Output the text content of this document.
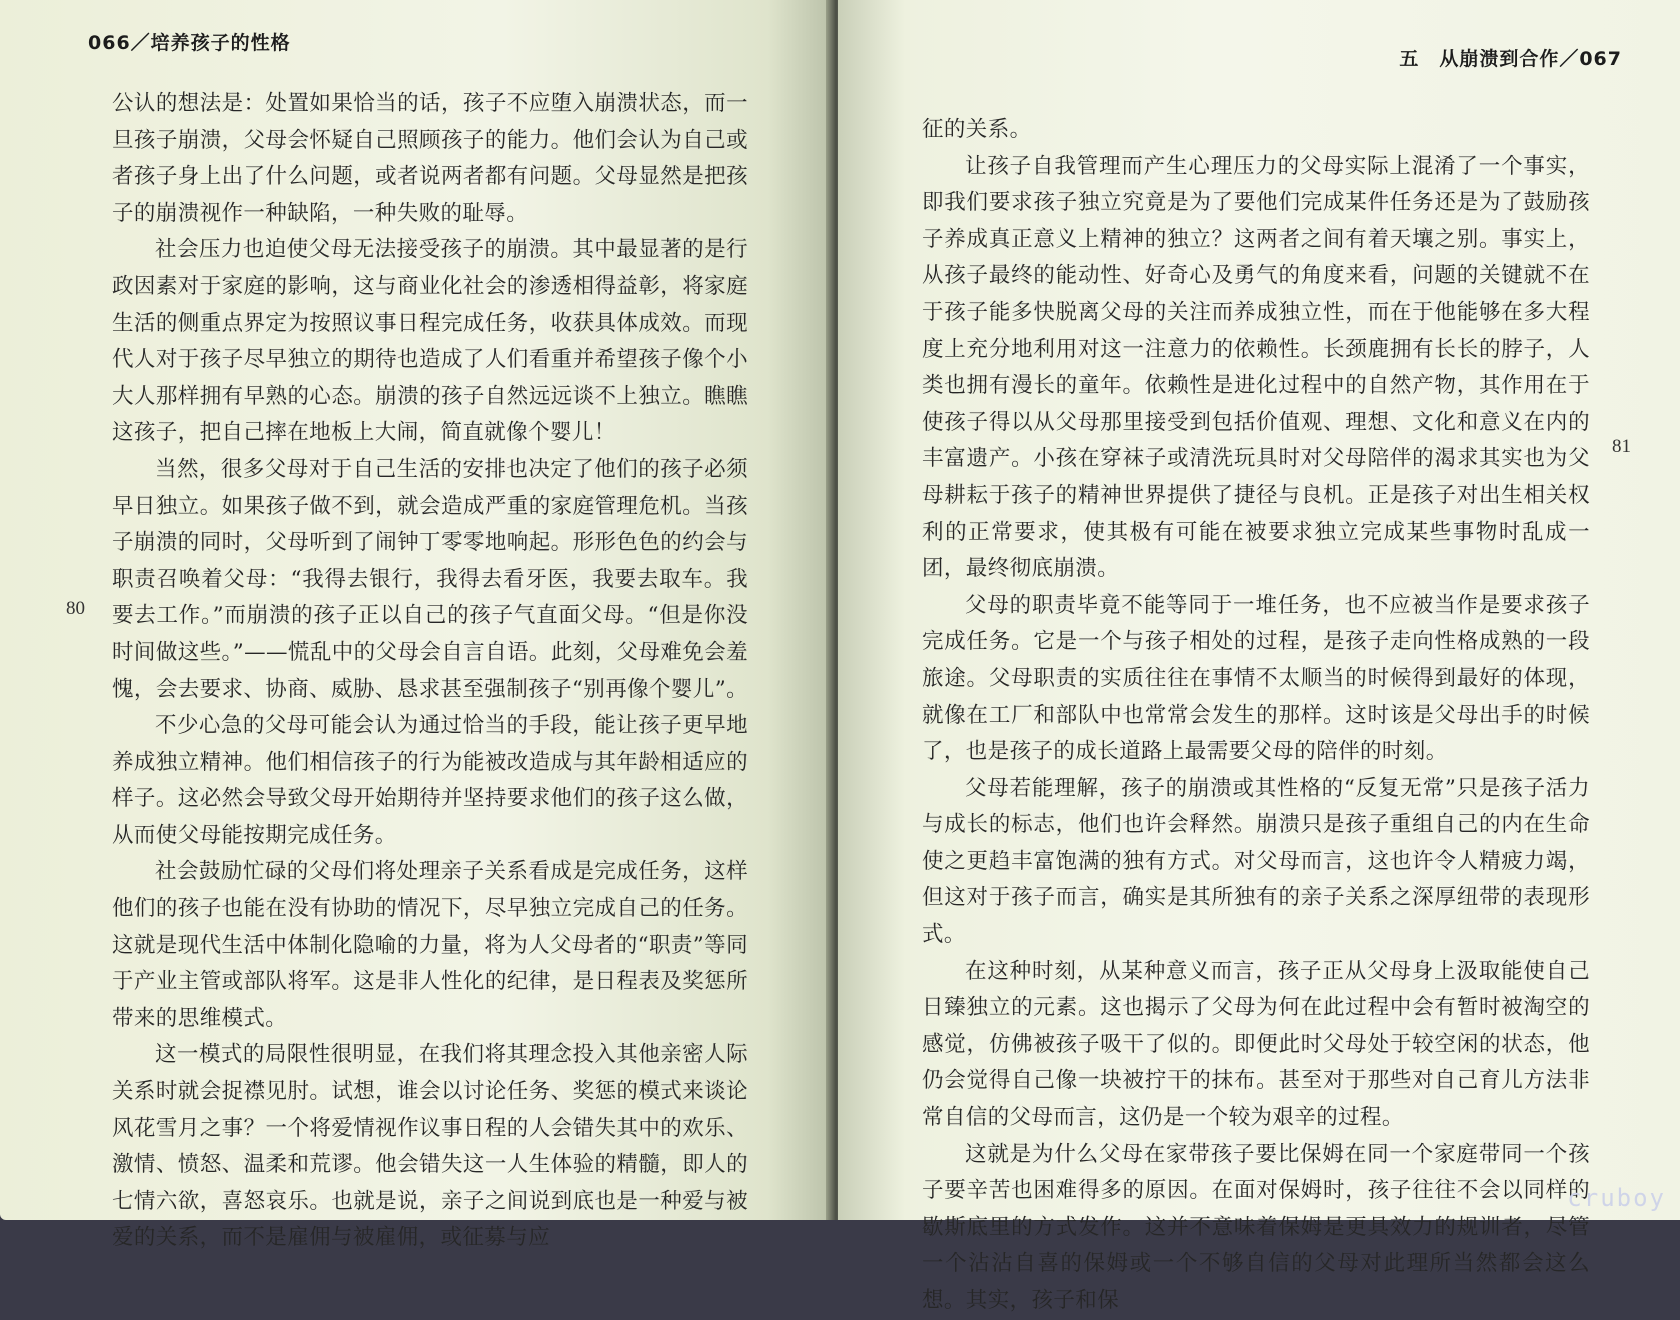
066／培养孩子的性格
80

公认的想法是：处置如果恰当的话，孩子不应堕入崩溃状态，而一旦孩子崩溃，父母会怀疑自己照顾孩子的能力。他们会认为自己或者孩子身上出了什么问题，或者说两者都有问题。父母显然是把孩子的崩溃视作一种缺陷，一种失败的耻辱。

社会压力也迫使父母无法接受孩子的崩溃。其中最显著的是行政因素对于家庭的影响，这与商业化社会的渗透相得益彰，将家庭生活的侧重点界定为按照议事日程完成任务，收获具体成效。而现代人对于孩子尽早独立的期待也造成了人们看重并希望孩子像个小大人那样拥有早熟的心态。崩溃的孩子自然远远谈不上独立。瞧瞧这孩子，把自己摔在地板上大闹，简直就像个婴儿！

当然，很多父母对于自己生活的安排也决定了他们的孩子必须早日独立。如果孩子做不到，就会造成严重的家庭管理危机。当孩子崩溃的同时，父母听到了闹钟丁零零地响起。形形色色的约会与职责召唤着父母：“我得去银行，我得去看牙医，我要去取车。我要去工作。”而崩溃的孩子正以自己的孩子气直面父母。“但是你没时间做这些。”——慌乱中的父母会自言自语。此刻，父母难免会羞愧，会去要求、协商、威胁、恳求甚至强制孩子“别再像个婴儿”。

不少心急的父母可能会认为通过恰当的手段，能让孩子更早地养成独立精神。他们相信孩子的行为能被改造成与其年龄相适应的样子。这必然会导致父母开始期待并坚持要求他们的孩子这么做，从而使父母能按期完成任务。

社会鼓励忙碌的父母们将处理亲子关系看成是完成任务，这样他们的孩子也能在没有协助的情况下，尽早独立完成自己的任务。这就是现代生活中体制化隐喻的力量，将为人父母者的“职责”等同于产业主管或部队将军。这是非人性化的纪律，是日程表及奖惩所带来的思维模式。

这一模式的局限性很明显，在我们将其理念投入其他亲密人际关系时就会捉襟见肘。试想，谁会以讨论任务、奖惩的模式来谈论风花雪月之事？一个将爱情视作议事日程的人会错失其中的欢乐、激情、愤怒、温柔和荒谬。他会错失这一人生体验的精髓，即人的七情六欲，喜怒哀乐。也就是说，亲子之间说到底也是一种爱与被爱的关系，而不是雇佣与被雇佣，或征募与应

五　从崩溃到合作／067

征的关系。

让孩子自我管理而产生心理压力的父母实际上混淆了一个事实，即我们要求孩子独立究竟是为了要他们完成某件任务还是为了鼓励孩子养成真正意义上精神的独立？这两者之间有着天壤之别。事实上，从孩子最终的能动性、好奇心及勇气的角度来看，问题的关键就不在于孩子能多快脱离父母的关注而养成独立性，而在于他能够在多大程度上充分地利用对这一注意力的依赖性。长颈鹿拥有长长的脖子，人类也拥有漫长的童年。依赖性是进化过程中的自然产物，其作用在于使孩子得以从父母那里接受到包括价值观、理想、文化和意义在内的丰富遗产。小孩在穿袜子或清洗玩具时对父母陪伴的渴求其实也为父母耕耘于孩子的精神世界提供了捷径与良机。正是孩子对出生相关权利的正常要求，使其极有可能在被要求独立完成某些事物时乱成一团，最终彻底崩溃。

父母的职责毕竟不能等同于一堆任务，也不应被当作是要求孩子完成任务。它是一个与孩子相处的过程，是孩子走向性格成熟的一段旅途。父母职责的实质往往在事情不太顺当的时候得到最好的体现，就像在工厂和部队中也常常会发生的那样。这时该是父母出手的时候了，也是孩子的成长道路上最需要父母的陪伴的时刻。

父母若能理解，孩子的崩溃或其性格的“反复无常”只是孩子活力与成长的标志，他们也许会释然。崩溃只是孩子重组自己的内在生命使之更趋丰富饱满的独有方式。对父母而言，这也许令人精疲力竭，但这对于孩子而言，确实是其所独有的亲子关系之深厚纽带的表现形式。

在这种时刻，从某种意义而言，孩子正从父母身上汲取能使自己日臻独立的元素。这也揭示了父母为何在此过程中会有暂时被淘空的感觉，仿佛被孩子吸干了似的。即便此时父母处于较空闲的状态，他仍会觉得自己像一块被拧干的抹布。甚至对于那些对自己育儿方法非常自信的父母而言，这仍是一个较为艰辛的过程。

这就是为什么父母在家带孩子要比保姆在同一个家庭带同一个孩子要辛苦也困难得多的原因。在面对保姆时，孩子往往不会以同样的歇斯底里的方式发作。这并不意味着保姆是更具效力的规训者，尽管一个沾沾自喜的保姆或一个不够自信的父母对此理所当然都会这么想。其实，孩子和保

81
cruboy
